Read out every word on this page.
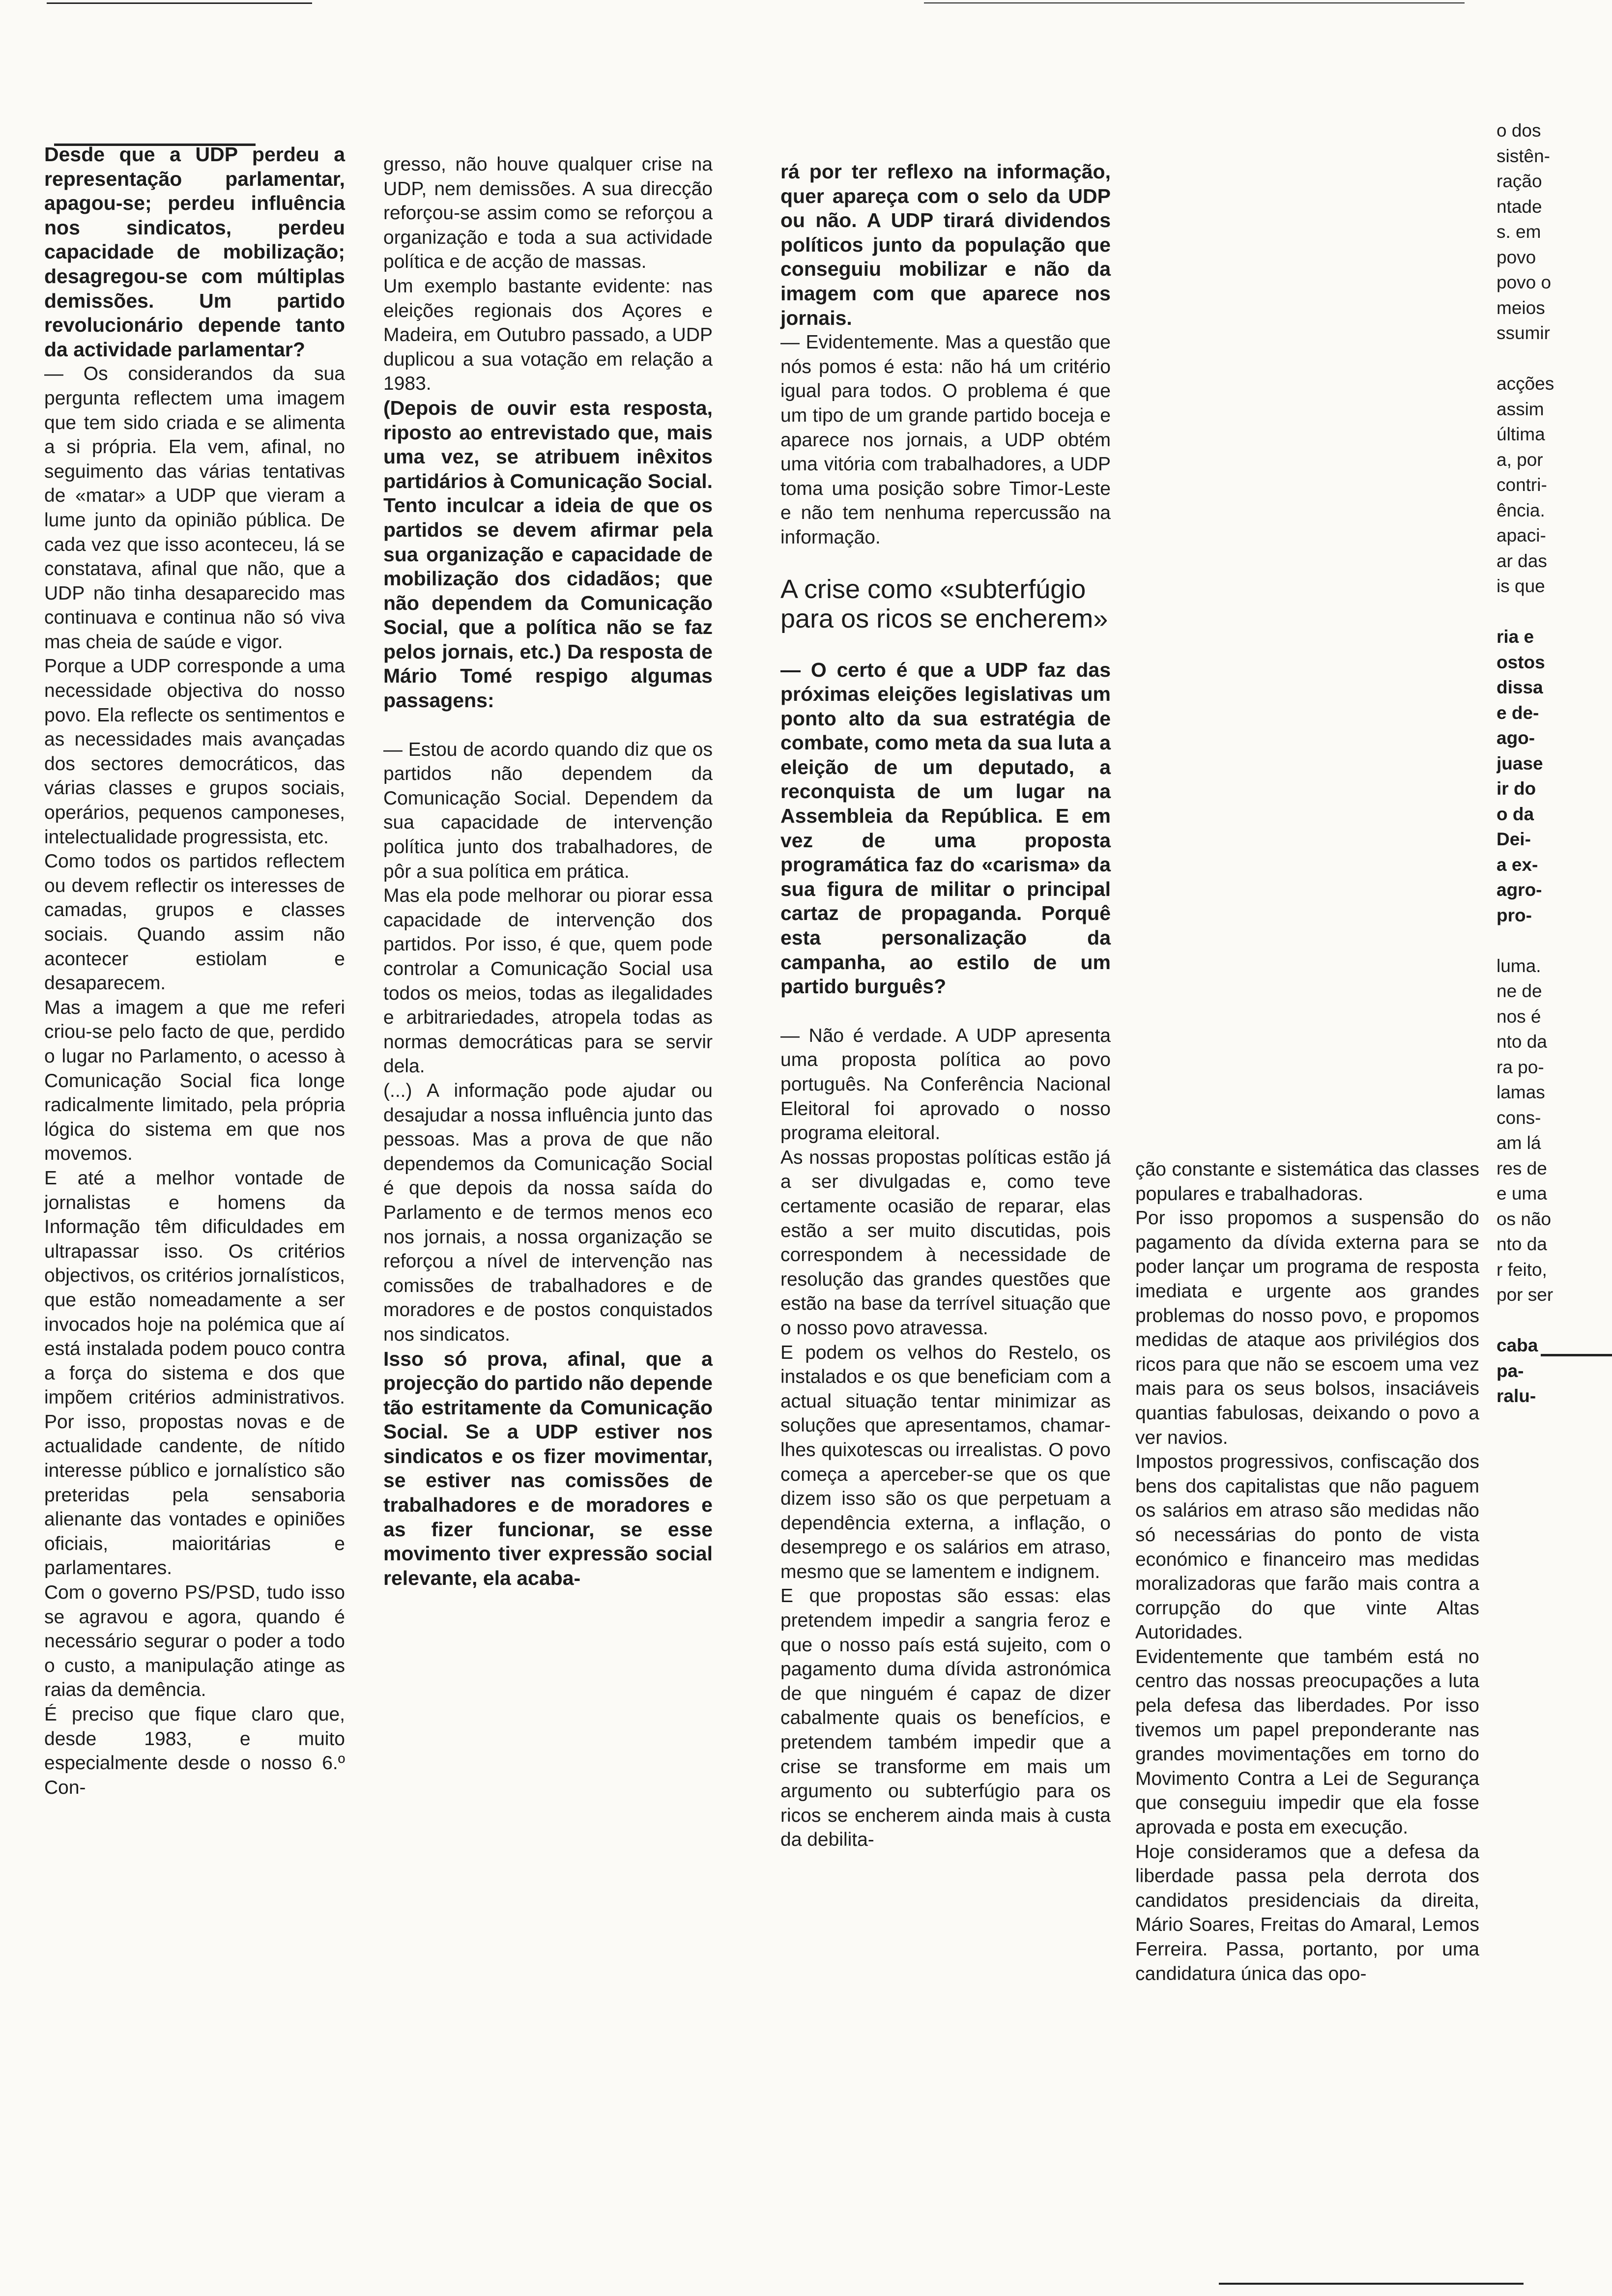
Desde que a UDP perdeu a representação parlamentar, apagou-se; perdeu influência nos sindicatos, perdeu capacidade de mobilização; desagregou-se com múltiplas demissões. Um partido revolucionário depende tanto da actividade parlamentar?

— Os considerandos da sua pergunta reflectem uma imagem que tem sido criada e se alimenta a si própria. Ela vem, afinal, no seguimento das várias tentativas de «matar» a UDP que vieram a lume junto da opinião pública. De cada vez que isso aconteceu, lá se constatava, afinal que não, que a UDP não tinha desaparecido mas continuava e continua não só viva mas cheia de saúde e vigor.

Porque a UDP corresponde a uma necessidade objectiva do nosso povo. Ela reflecte os sentimentos e as necessidades mais avançadas dos sectores democráticos, das várias classes e grupos sociais, operários, pequenos camponeses, intelectualidade progressista, etc.

Como todos os partidos reflectem ou devem reflectir os interesses de camadas, grupos e classes sociais. Quando assim não acontecer estiolam e desaparecem.

Mas a imagem a que me referi criou-se pelo facto de que, perdido o lugar no Parlamento, o acesso à Comunicação Social fica longe radicalmente limitado, pela própria lógica do sistema em que nos movemos.

E até a melhor vontade de jornalistas e homens da Informação têm dificuldades em ultrapassar isso. Os critérios objectivos, os critérios jornalísticos, que estão nomeadamente a ser invocados hoje na polémica que aí está instalada podem pouco contra a força do sistema e dos que impõem critérios administrativos. Por isso, propostas novas e de actualidade candente, de nítido interesse público e jornalístico são preteridas pela sensaboria alienante das vontades e opiniões oficiais, maioritárias e parlamentares.

Com o governo PS/PSD, tudo isso se agravou e agora, quando é necessário segurar o poder a todo o custo, a manipulação atinge as raias da demência.

É preciso que fique claro que, desde 1983, e muito especialmente desde o nosso 6.º Con-

gresso, não houve qualquer crise na UDP, nem demissões. A sua direcção reforçou-se assim como se reforçou a organização e toda a sua actividade política e de acção de massas.

Um exemplo bastante evidente: nas eleições regionais dos Açores e Madeira, em Outubro passado, a UDP duplicou a sua votação em relação a 1983.

(Depois de ouvir esta resposta, riposto ao entrevistado que, mais uma vez, se atribuem inêxitos partidários à Comunicação Social. Tento inculcar a ideia de que os partidos se devem afirmar pela sua organização e capacidade de mobilização dos cidadãos; que não dependem da Comunicação Social, que a política não se faz pelos jornais, etc.) Da resposta de Mário Tomé respigo algumas passagens:

— Estou de acordo quando diz que os partidos não dependem da Comunicação Social. Dependem da sua capacidade de intervenção política junto dos trabalhadores, de pôr a sua política em prática.

Mas ela pode melhorar ou piorar essa capacidade de intervenção dos partidos. Por isso, é que, quem pode controlar a Comunicação Social usa todos os meios, todas as ilegalidades e arbitrariedades, atropela todas as normas democráticas para se servir dela.

(...) A informação pode ajudar ou desajudar a nossa influência junto das pessoas. Mas a prova de que não dependemos da Comunicação Social é que depois da nossa saída do Parlamento e de termos menos eco nos jornais, a nossa organização se reforçou a nível de intervenção nas comissões de trabalhadores e de moradores e de postos conquistados nos sindicatos.

Isso só prova, afinal, que a projecção do partido não depende tão estritamente da Comunicação Social. Se a UDP estiver nos sindicatos e os fizer movimentar, se estiver nas comissões de trabalhadores e de moradores e as fizer funcionar, se esse movimento tiver expressão social relevante, ela acaba-

rá por ter reflexo na informação, quer apareça com o selo da UDP ou não. A UDP tirará dividendos políticos junto da população que conseguiu mobilizar e não da imagem com que aparece nos jornais.

— Evidentemente. Mas a questão que nós pomos é esta: não há um critério igual para todos. O problema é que um tipo de um grande partido boceja e aparece nos jornais, a UDP obtém uma vitória com trabalhadores, a UDP toma uma posição sobre Timor-Leste e não tem nenhuma repercussão na informação.

A crise como «subterfúgio para os ricos se encherem»

— O certo é que a UDP faz das próximas eleições legislativas um ponto alto da sua estratégia de combate, como meta da sua luta a eleição de um deputado, a reconquista de um lugar na Assembleia da República. E em vez de uma proposta programática faz do «carisma» da sua figura de militar o principal cartaz de propaganda. Porquê esta personalização da campanha, ao estilo de um partido burguês?

— Não é verdade. A UDP apresenta uma proposta política ao povo português. Na Conferência Nacional Eleitoral foi aprovado o nosso programa eleitoral.

As nossas propostas políticas estão já a ser divulgadas e, como teve certamente ocasião de reparar, elas estão a ser muito discutidas, pois correspondem à necessidade de resolução das grandes questões que estão na base da terrível situação que o nosso povo atravessa.

E podem os velhos do Restelo, os instalados e os que beneficiam com a actual situação tentar minimizar as soluções que apresentamos, chamar-lhes quixotescas ou irrealistas. O povo começa a aperceber-se que os que dizem isso são os que perpetuam a dependência externa, a inflação, o desemprego e os salários em atraso, mesmo que se lamentem e indignem.

E que propostas são essas: elas pretendem impedir a sangria feroz e que o nosso país está sujeito, com o pagamento duma dívida astronómica de que ninguém é capaz de dizer cabalmente quais os benefícios, e pretendem também impedir que a crise se transforme em mais um argumento ou subterfúgio para os ricos se encherem ainda mais à custa da debilita-

ção constante e sistemática das classes populares e trabalhadoras.

Por isso propomos a suspensão do pagamento da dívida externa para se poder lançar um programa de resposta imediata e urgente aos grandes problemas do nosso povo, e propomos medidas de ataque aos privilégios dos ricos para que não se escoem uma vez mais para os seus bolsos, insaciáveis quantias fabulosas, deixando o povo a ver navios.

Impostos progressivos, confiscação dos bens dos capitalistas que não paguem os salários em atraso são medidas não só necessárias do ponto de vista económico e financeiro mas medidas moralizadoras que farão mais contra a corrupção do que vinte Altas Autoridades.

Evidentemente que também está no centro das nossas preocupações a luta pela defesa das liberdades. Por isso tivemos um papel preponderante nas grandes movimentações em torno do Movimento Contra a Lei de Segurança que conseguiu impedir que ela fosse aprovada e posta em execução.

Hoje consideramos que a defesa da liberdade passa pela derrota dos candidatos presidenciais da direita, Mário Soares, Freitas do Amaral, Lemos Ferreira. Passa, portanto, por uma candidatura única das opo-

o dos

sistên-

ração

ntade

s. em

povo

povo o

meios

ssumir

acções

assim

última

a, por

contri-

ência.

apaci-

ar das

is que

ria e

ostos

dissa

e de-

ago-

juase

ir do

o da

Dei-

a ex-

agro-

pro-

luma.

ne de

nos é

nto da

ra po-

lamas

cons-

am lá

res de

e uma

os não

nto da

r feito,

por ser

caba

pa-

ralu-
